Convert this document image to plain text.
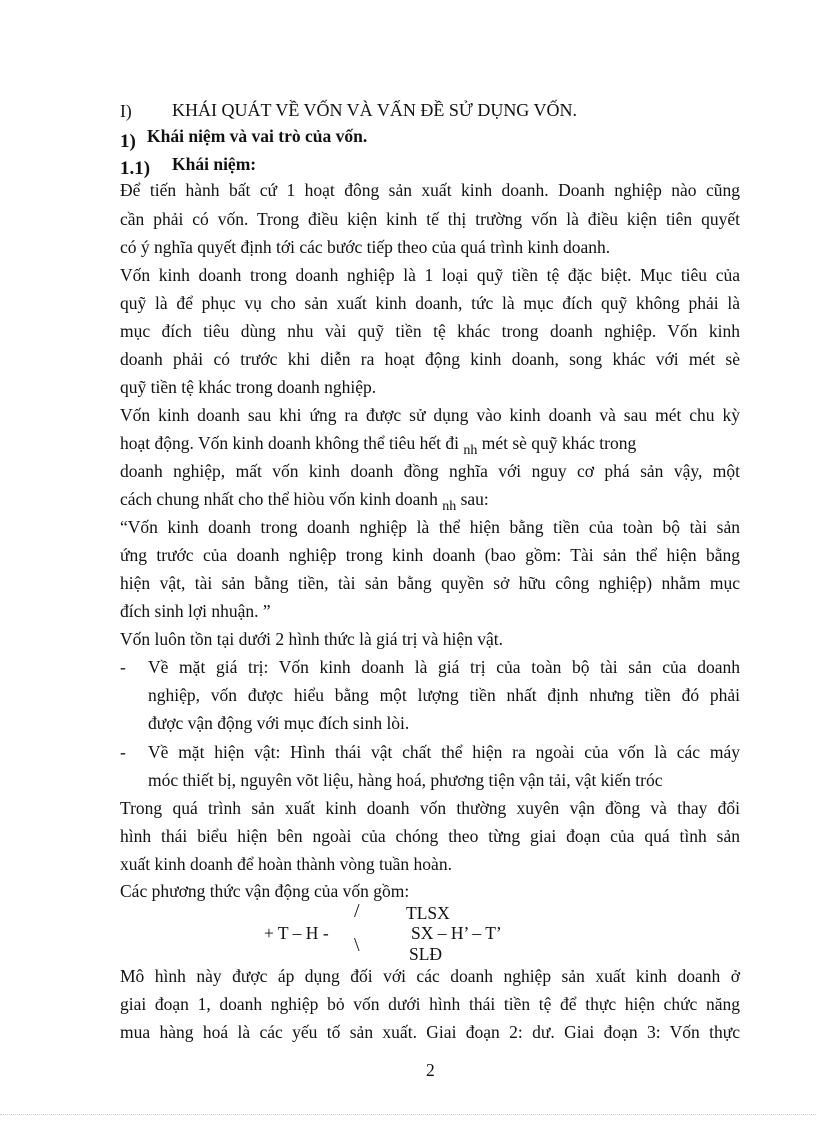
I) KHÁI QUÁT VỀ VỐN VÀ VẤN ĐỀ SỬ DỤNG VỐN.
1) Khái niệm và vai trò của vốn.
1.1) Khái niệm:
Để tiến hành bất cứ 1 hoạt đông sản xuất kinh doanh. Doanh nghiệp nào cũng
cần phải có vốn. Trong điều kiện kinh tế thị trường vốn là điều kiện tiên quyết
có ý nghĩa quyết định tới các bước tiếp theo của quá trình kinh doanh.
Vốn kinh doanh trong doanh nghiệp là 1 loại quỹ tiền tệ đặc biệt. Mục tiêu của
quỹ là để phục vụ cho sản xuất kinh doanh, tức là mục đích quỹ không phải là
mục đích tiêu dùng nhu vài quỹ tiền tệ khác trong doanh nghiệp. Vốn kinh
doanh phải có trước khi diễn ra hoạt động kinh doanh, song khác với mét sè
quỹ tiền tệ khác trong doanh nghiệp.
Vốn kinh doanh sau khi ứng ra được sử dụng vào kinh doanh và sau mét chu kỳ
hoạt động. Vốn kinh doanh không thể tiêu hết đi $_{nh}$ mét sè quỹ khác trong
doanh nghiệp, mất vốn kinh doanh đồng nghĩa với nguy cơ phá sản vậy, một
cách chung nhất cho thể hiòu vốn kinh doanh $_{nh}$ sau:
“Vốn kinh doanh trong doanh nghiệp là thể hiện bằng tiền của toàn bộ tài sản
ứng trước của doanh nghiệp trong kinh doanh (bao gồm: Tài sản thể hiện bằng
hiện vật, tài sản bằng tiền, tài sản bằng quyền sở hữu công nghiệp) nhằm mục
đích sinh lợi nhuận. ”
Vốn luôn tồn tại dưới 2 hình thức là giá trị và hiện vật.
- Về mặt giá trị: Vốn kinh doanh là giá trị của toàn bộ tài sản của doanh
nghiệp, vốn được hiểu bằng một lượng tiền nhất định nhưng tiền đó phải
được vận động với mục đích sinh lòi.
- Về mặt hiện vật: Hình thái vật chất thể hiện ra ngoài của vốn là các máy
móc thiết bị, nguyên võt liệu, hàng hoá, phương tiện vận tải, vật kiến tróc
Trong quá trình sản xuất kinh doanh vốn thường xuyên vận đồng và thay đổi
hình thái biểu hiện bên ngoài của chóng theo từng giai đoạn của quá tình sản
xuất kinh doanh để hoàn thành vòng tuần hoàn.
Các phương thức vận động của vốn gồm:
TLSX
+ T – H -
/
\
SX – H’ – T’
SLĐ
Mô hình này được áp dụng đối với các doanh nghiệp sản xuất kinh doanh ở
giai đoạn 1, doanh nghiệp bỏ vốn dưới hình thái tiền tệ để thực hiện chức năng
mua hàng hoá là các yếu tố sản xuất. Giai đoạn 2: dư. Giai đoạn 3: Vốn thực
2
